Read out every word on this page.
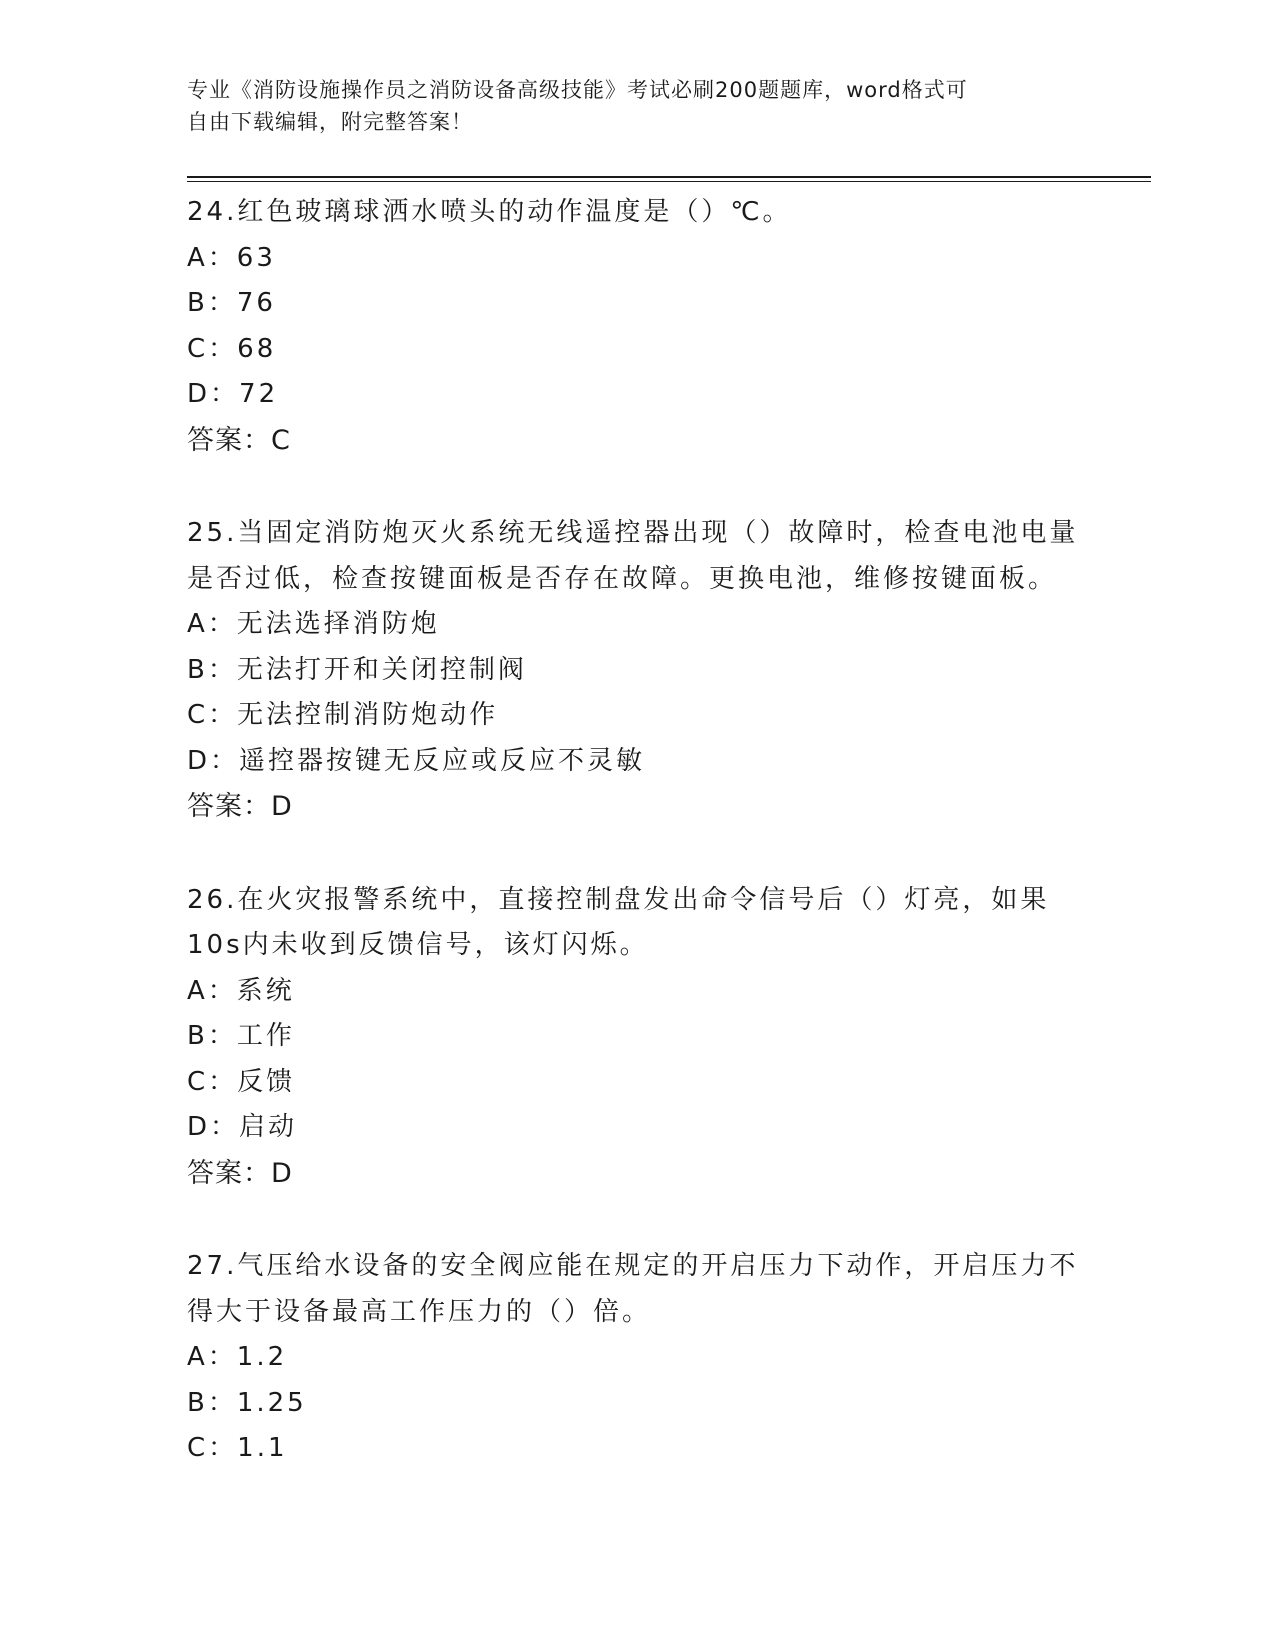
专业《消防设施操作员之消防设备高级技能》考试必刷200题题库，word格式可
自由下载编辑，附完整答案！
24.红色玻璃球洒水喷头的动作温度是（）℃。
A：63
B：76
C：68
D：72
答案：C
25.当固定消防炮灭火系统无线遥控器出现（）故障时，检查电池电量
是否过低，检查按键面板是否存在故障。更换电池，维修按键面板。
A：无法选择消防炮
B：无法打开和关闭控制阀
C：无法控制消防炮动作
D：遥控器按键无反应或反应不灵敏
答案：D
26.在火灾报警系统中，直接控制盘发出命令信号后（）灯亮，如果
10s内未收到反馈信号，该灯闪烁。
A：系统
B：工作
C：反馈
D：启动
答案：D
27.气压给水设备的安全阀应能在规定的开启压力下动作，开启压力不
得大于设备最高工作压力的（）倍。
A：1.2
B：1.25
C：1.1
